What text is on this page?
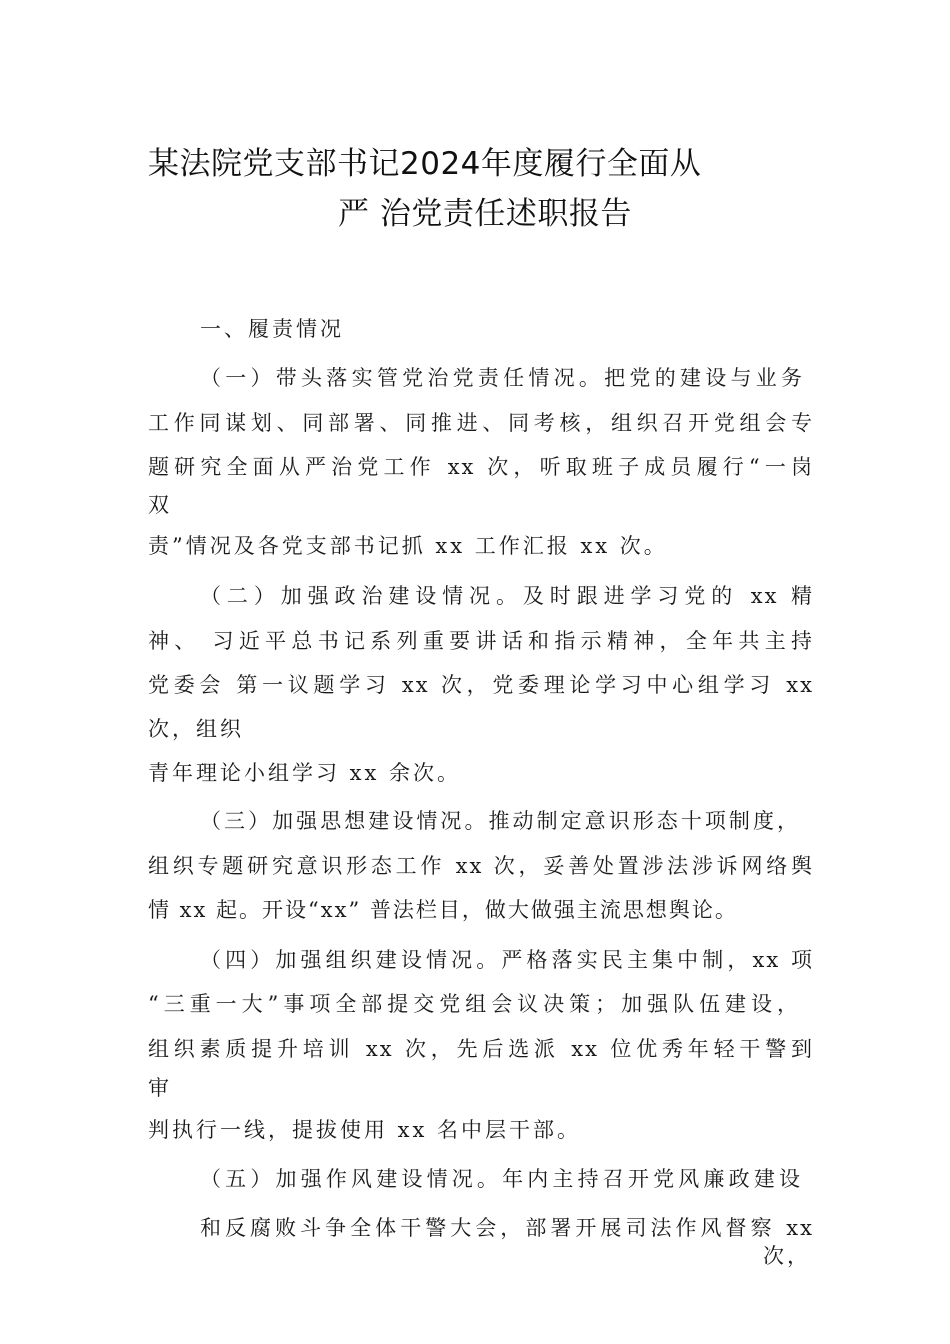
某法院党支部书记2024年度履行全面从
严 治党责任述职报告
一、履责情况
（一）带头落实管党治党责任情况。把党的建设与业务
工作同谋划、同部署、同推进、同考核，组织召开党组会专
题研究全面从严治党工作 xx 次，听取班子成员履行“一岗
双
责”情况及各党支部书记抓 xx 工作汇报 xx 次。
（二）加强政治建设情况。及时跟进学习党的 xx 精
神、 习近平总书记系列重要讲话和指示精神，全年共主持
党委会 第一议题学习 xx 次，党委理论学习中心组学习 xx
次，组织
青年理论小组学习 xx 余次。
（三）加强思想建设情况。推动制定意识形态十项制度，
组织专题研究意识形态工作 xx 次，妥善处置涉法涉诉网络舆
情 xx 起。开设“xx” 普法栏目，做大做强主流思想舆论。
（四）加强组织建设情况。严格落实民主集中制，xx 项
“三重一大”事项全部提交党组会议决策；加强队伍建设，
组织素质提升培训 xx 次，先后选派 xx 位优秀年轻干警到
审
判执行一线，提拔使用 xx 名中层干部。
（五）加强作风建设情况。年内主持召开党风廉政建设
和反腐败斗争全体干警大会，部署开展司法作风督察 xx
次，
